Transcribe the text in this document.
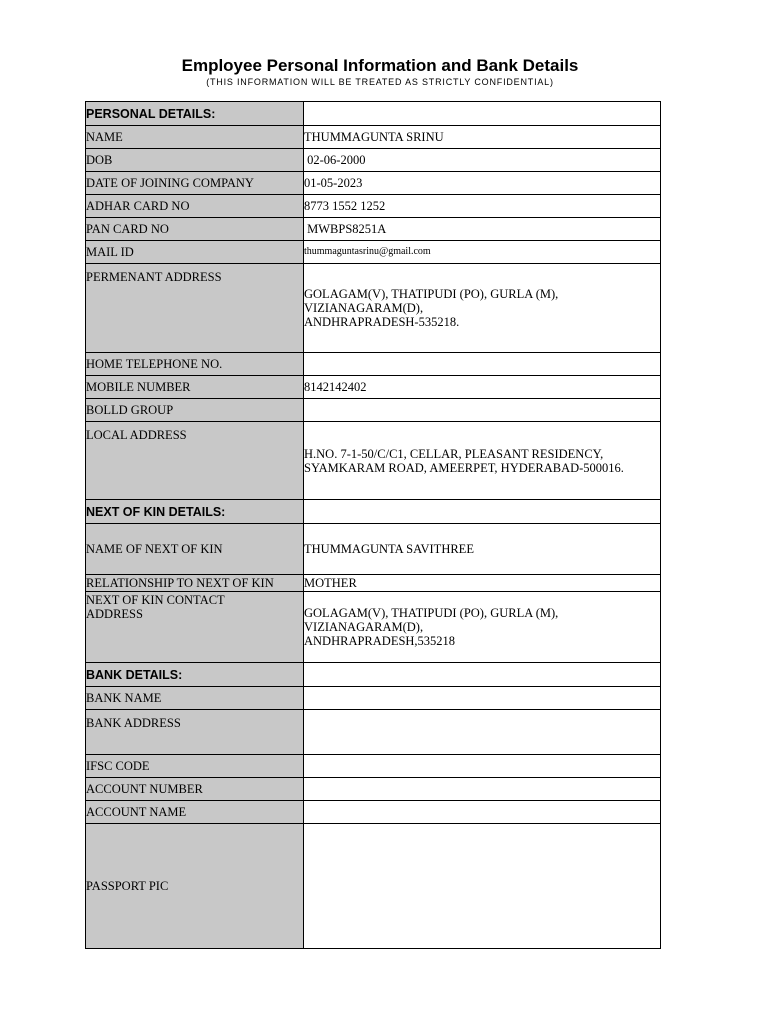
Employee Personal Information and Bank Details
(THIS INFORMATION WILL BE TREATED AS STRICTLY CONFIDENTIAL)
PERSONAL DETAILS:	
NAME	THUMMAGUNTA SRINU
DOB	02-06-2000
DATE OF JOINING COMPANY	01-05-2023
ADHAR CARD NO	8773 1552 1252
PAN CARD NO	MWBPS8251A
MAIL ID	thummaguntasrinu@gmail.com
PERMENANT ADDRESS	GOLAGAM(V), THATIPUDI (PO), GURLA (M),
VIZIANAGARAM(D),
ANDHRAPRADESH-535218.

HOME TELEPHONE NO.	
MOBILE NUMBER	8142142402
BOLLD GROUP	
LOCAL ADDRESS	H.NO. 7-1-50/C/C1, CELLAR, PLEASANT RESIDENCY,
SYAMKARAM ROAD, AMEERPET, HYDERABAD-500016.

NEXT OF KIN DETAILS:	
NAME OF NEXT OF KIN	THUMMAGUNTA SAVITHREE
RELATIONSHIP TO NEXT OF KIN	MOTHER

NEXT OF KIN CONTACT
ADDRESS	GOLAGAM(V), THATIPUDI (PO), GURLA (M),
VIZIANAGARAM(D),
ANDHRAPRADESH,535218

BANK DETAILS:	
BANK NAME	
BANK ADDRESS	
IFSC CODE	
ACCOUNT NUMBER	
ACCOUNT NAME	
PASSPORT PIC	
